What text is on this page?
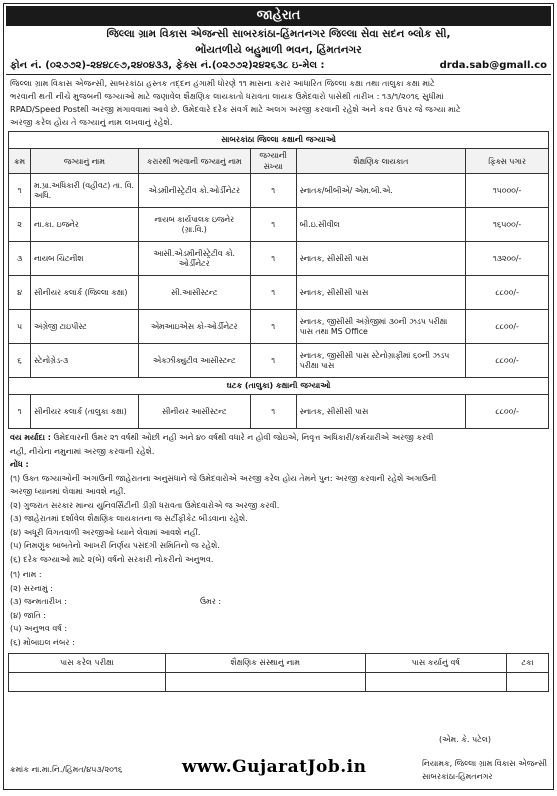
જાહેરાત
જિલ્લા ગ્રામ વિકાસ એજન્સી સાબરકાંઠા-હિંમતનગર જિલ્લા સેવા સદન બ્લોક સી,
ભોંયતળીયે બહુમાળી ભવન, હિંમતનગર
ફોન નં. (૦૨૭૭૨)-૨૪૪૮૯૭,૨૪૦૪૩૩, ફેક્સ નં.(૦૨૭૭૨)૨૪૨૬૩૮ ઇ-મેલ :	drda.sab@gmall.co
જિલ્લા ગ્રામ વિકાસ એજન્સી, સાબરકાંઠા હસ્તક તદ્દન હંગામી ધોરણે ૧૧ માસના કરાર આધારિત જિલ્લા કક્ષા તથા તાલુકા કક્ષા માટે
ભરવાની થતી નીચે મુજબની જગ્યાઓ માટે જણાવેલ શૈક્ષણિક લાયકાતો ધરાવતા લાયક ઉમેદવારો પાસેથી તારીખ : ૧૩/૧/૨૦૧૬ સુધીમાં
RPAD/Speed Postથી અરજી મંગાવવામાં આવે છે. ઉમેદવારે દરેક સંવર્ગ માટે અલગ અરજી કરવાની રહેશે અને કવર ઉપર જે જગ્યા માટે
અરજી કરેલ હોય તે જગ્યાનું નામ લખવાનું રહેશે.
સાબરકાંઠા જિલ્લા કક્ષાની જગ્યાઓ					
ક્રમ	જગ્યાનું નામ	કરારથી ભરવાની જગ્યાનું નામ	જગ્યાની સંખ્યા	શૈક્ષણિક લાયકાત	ફિક્સ પગાર
૧	મ.પ્રા.અધિકારી (વહીવટ) તા. વિ. અધિ.	એડમીનીસ્ટ્રેટીવ કો.ઓર્ડીનેટર	૧	સ્નાતક/બીબીએ/ એમ.બી.એ.	૧૫૦૦૦/-
૨	ના.કા. ઇજનેર	નાયબ કાર્યપાલક ઇજનેર (ગ્રા.વિ.)	૧	બી.ઇ.સીવીલ	૧૬૫૦૦/-
૩	નાયબ ચિટનીશ	આસી.એડમીનીસ્ટ્રેટીવ કો. ઓર્ડીનેટર	૧	સ્નાતક, સીસીસી પાસ	૧૩૨૦૦/-
૪	સીનીયર કલાર્ક (જિલ્લા કક્ષા)	સી.આસીસ્ટન્ટ	૧	સ્નાતક, સીસીસી પાસ	૮૮૦૦/-
૫	અંગ્રેજી ટાઇપીસ્ટ	એમઆઇએસ કો-ઓર્ડીનેટર	૧	સ્નાતક, જીસીસી અંગ્રેજીમાં ૩૦ની ઝડપ પરીક્ષા પાસ તથા MS Office	૮૮૦૦/-
૬	સ્ટેનોગ્રેડ-૩	એક્ઝીક્યુટીવ આસીસ્ટન્ટ	૧	સ્નાતક, જીસીસી પાસ સ્ટેનોગ્રાફીમાં ૬૦ની ઝડપ પરીક્ષા પાસ	૮૮૦૦/-
ઘટક (તાલુકા) કક્ષાની જગ્યાઓ					
૧	સીનીયર કલાર્ક (તાલુકા કક્ષા)	સીનીયર આસીસ્ટન્ટ	૧	સ્નાતક, સીસીસી પાસ	૮૮૦૦/-
વય મર્યાદા : ઉમેદવારની ઉંમર ૨૧ વર્ષથી ઓછી નહી અને ૪૦ વર્ષથી વધારે ન હોવી જોઇએ, નિવૃત્ત અધિકારી/કર્મચારીએ અરજી કરવી
નહી, નીચેના નમુનામાં અરજી કરવાની રહેશે.
નોંધ :
(૧) ઉક્ત જગ્યાઓની અગાઉની જાહેરાતના અનુસંધાને જે ઉમેદવારોએ અરજી કરેલ હોય તેમને પુન: અરજી કરવાની રહેશે અગાઉની
અરજી ધ્યાનમાં લેવામાં આવશે નહીં.
(૨) ગુજરાત સરકાર માન્ય યુનિવર્સિટીની ડીગ્રી ધરાવતા ઉમેદવારોએ જ અરજી કરવી.
(૩) જાહેરાતમાં દર્શાવેલ શૈક્ષણિક લાયકાતના જ સર્ટીફીકેટ બીડવાના રહેશે.
(૪) અધૂરી વિગતવાળી અરજીઓ ધ્યાને લેવામાં આવશે નહીં.
(૫) નિમણુંક બાબતેનો આખરી નિર્ણય પસંદગી સમિતિનો જ રહેશે.
(૬) દરેક જગ્યાઓ માટે ૨(બે) વર્ષનો સરકારી નોકરીનો અનુભવ.
(૧) નામ :
(૨) સરનામું :
(૩) જન્મતારીખ :	ઉંમર :
(૪) જાતિ :
(૫) અનુભવ વર્ષ :
(૬) મોબાઇલ નંબર :
પાસ કરેલ પરીક્ષા	શૈક્ષણિક સંસ્થાનું નામ	પાસ કર્યાનું વર્ષ	ટકા

(એમ. કે. પટેલ)
ક્રમાંક ના.મા.નિ./હિંમત/૪૫૩/૨૦૧૬	www.GujaratJob.in	નિયામક, જિલ્લા ગ્રામ વિકાસ એજન્સી
સાબરકાંઠા-હિંમતનગર
